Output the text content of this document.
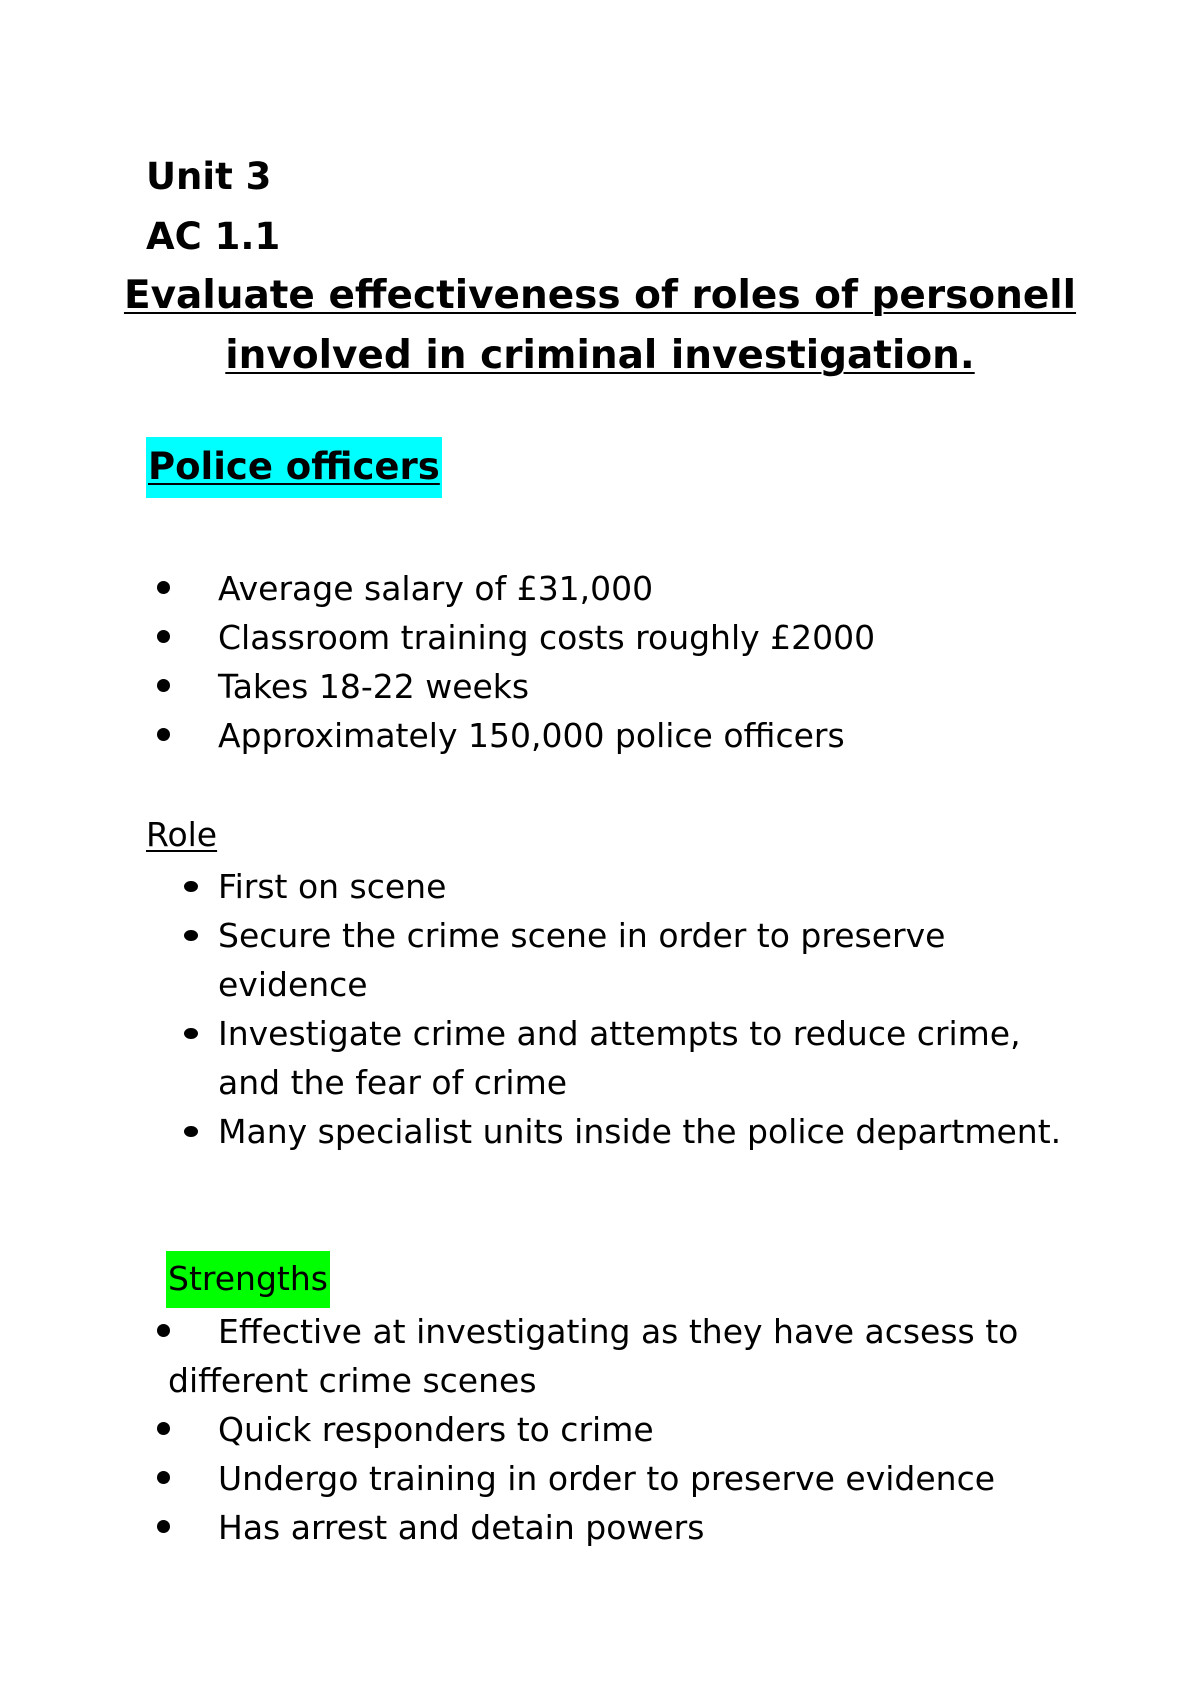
Unit 3
AC 1.1
Evaluate effectiveness of roles of personell
involved in criminal investigation.
Police officers
Average salary of £31,000
Classroom training costs roughly £2000
Takes 18-22 weeks
Approximately 150,000 police officers
Role
First on scene
Secure the crime scene in order to preserve
evidence
Investigate crime and attempts to reduce crime,
and the fear of crime
Many specialist units inside the police department.
Strengths
Effective at investigating as they have acsess to
different crime scenes
Quick responders to crime
Undergo training in order to preserve evidence
Has arrest and detain powers
